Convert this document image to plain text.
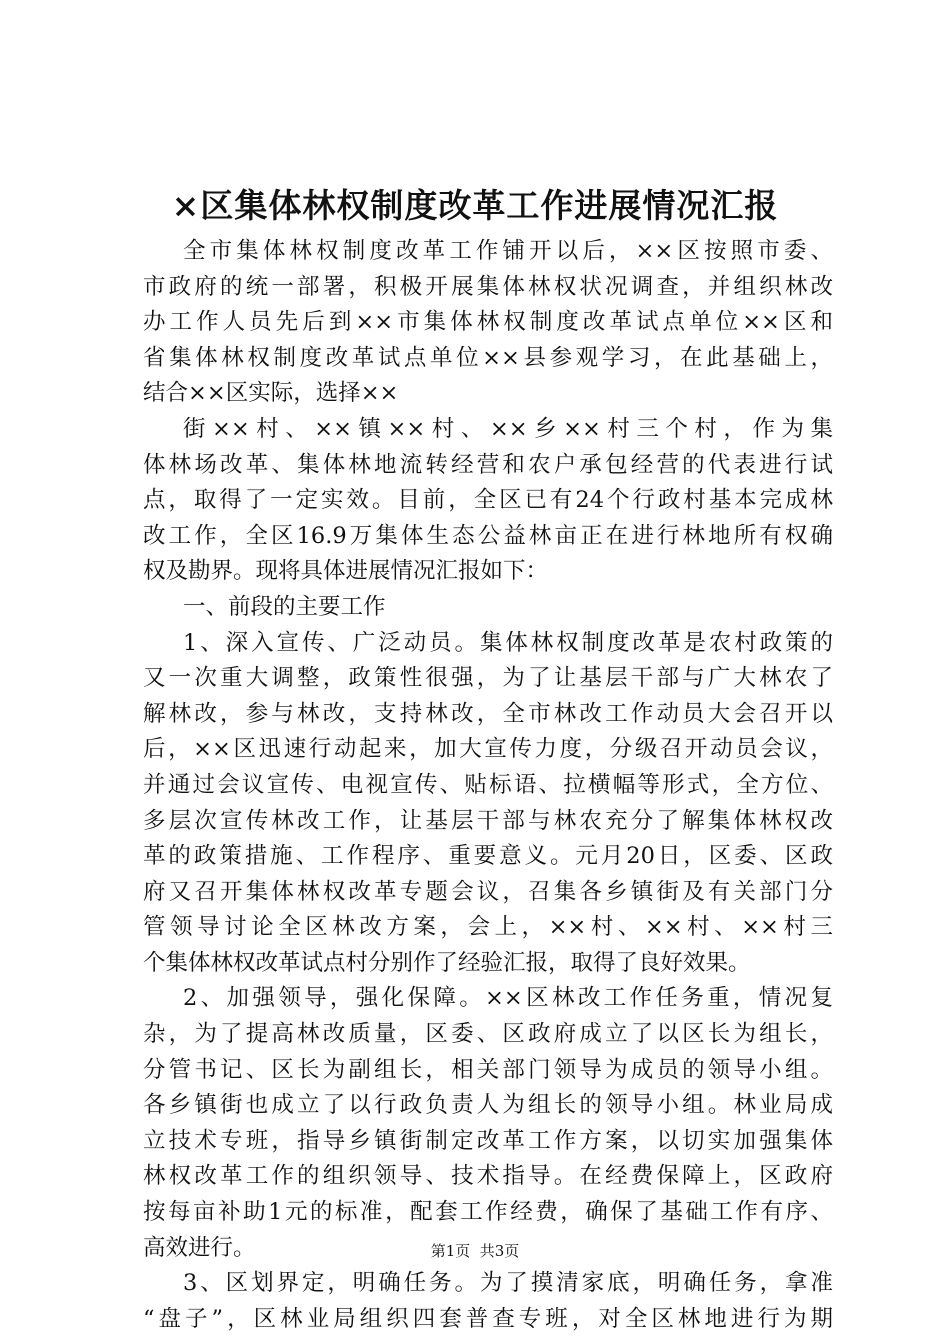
×区集体林权制度改革工作进展情况汇报
全市集体林权制度改革工作铺开以后，××区按照市委、
市政府的统一部署，积极开展集体林权状况调查，并组织林改
办工作人员先后到××市集体林权制度改革试点单位××区和
省集体林权制度改革试点单位××县参观学习，在此基础上，
结合××区实际，选择××
街××村、××镇××村、××乡××村三个村，作为集
体林场改革、集体林地流转经营和农户承包经营的代表进行试
点，取得了一定实效。目前，全区已有24个行政村基本完成林
改工作，全区16.9万集体生态公益林亩正在进行林地所有权确
权及勘界。现将具体进展情况汇报如下：
一、前段的主要工作
1、深入宣传、广泛动员。集体林权制度改革是农村政策的
又一次重大调整，政策性很强，为了让基层干部与广大林农了
解林改，参与林改，支持林改，全市林改工作动员大会召开以
后，××区迅速行动起来，加大宣传力度，分级召开动员会议，
并通过会议宣传、电视宣传、贴标语、拉横幅等形式，全方位、
多层次宣传林改工作，让基层干部与林农充分了解集体林权改
革的政策措施、工作程序、重要意义。元月20日，区委、区政
府又召开集体林权改革专题会议，召集各乡镇街及有关部门分
管领导讨论全区林改方案，会上，××村、××村、××村三
个集体林权改革试点村分别作了经验汇报，取得了良好效果。
2、加强领导，强化保障。××区林改工作任务重，情况复
杂，为了提高林改质量，区委、区政府成立了以区长为组长，
分管书记、区长为副组长，相关部门领导为成员的领导小组。
各乡镇街也成立了以行政负责人为组长的领导小组。林业局成
立技术专班，指导乡镇街制定改革工作方案，以切实加强集体
林权改革工作的组织领导、技术指导。在经费保障上，区政府
按每亩补助1元的标准，配套工作经费，确保了基础工作有序、
高效进行。
3、区划界定，明确任务。为了摸清家底，明确任务，拿准
“盘子”，区林业局组织四套普查专班，对全区林地进行为期
第1页  共3页
